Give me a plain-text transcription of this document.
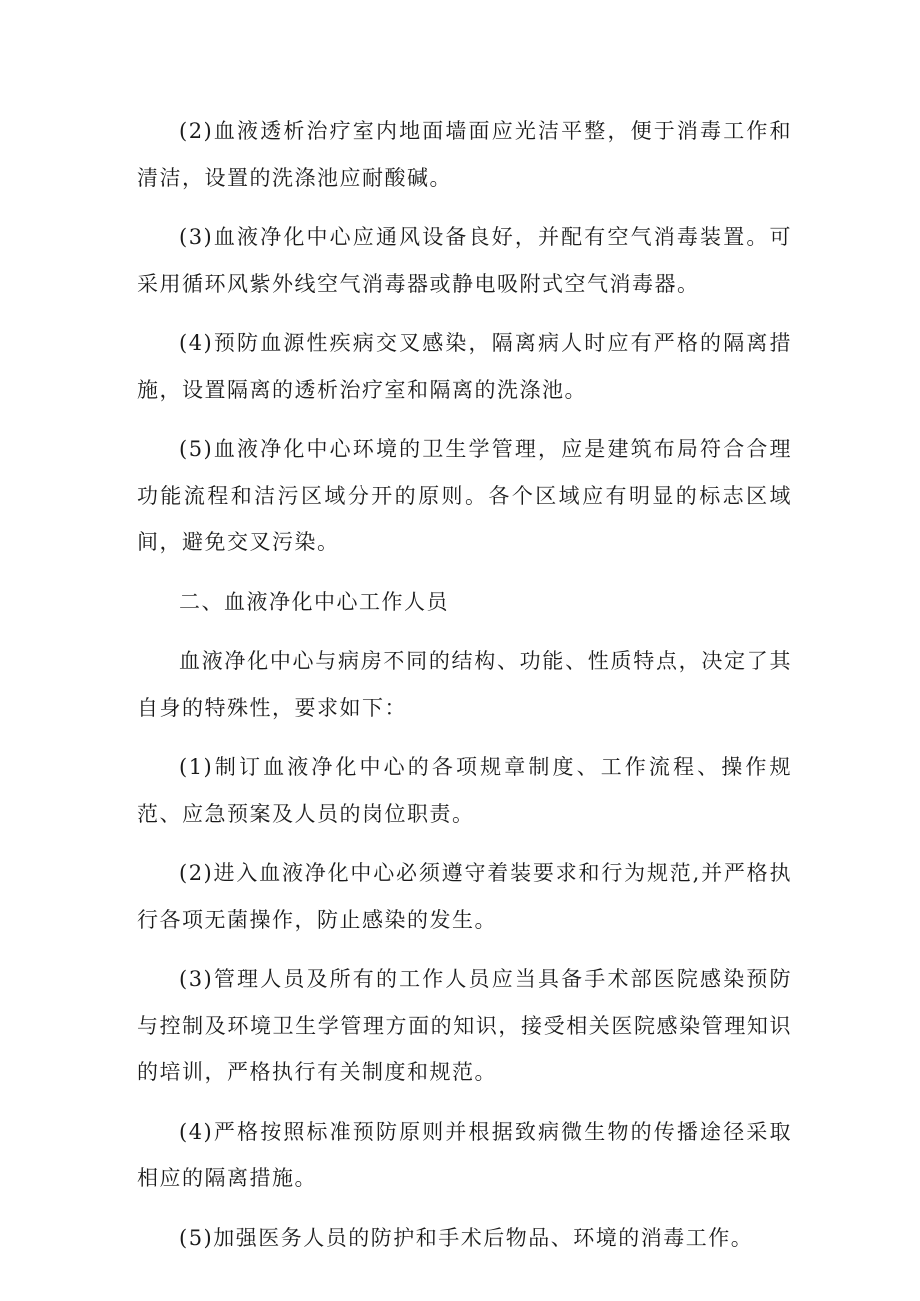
(2)血液透析治疗室内地面墙面应光洁平整，便于消毒工作和清洁，设置的洗涤池应耐酸碱。

(3)血液净化中心应通风设备良好，并配有空气消毒装置。可采用循环风紫外线空气消毒器或静电吸附式空气消毒器。

(4)预防血源性疾病交叉感染，隔离病人时应有严格的隔离措施，设置隔离的透析治疗室和隔离的洗涤池。

(5)血液净化中心环境的卫生学管理，应是建筑布局符合合理功能流程和洁污区域分开的原则。各个区域应有明显的标志区域间，避免交叉污染。

二、血液净化中心工作人员

血液净化中心与病房不同的结构、功能、性质特点，决定了其自身的特殊性，要求如下：

(1)制订血液净化中心的各项规章制度、工作流程、操作规范、应急预案及人员的岗位职责。

(2)进入血液净化中心必须遵守着装要求和行为规范,并严格执行各项无菌操作，防止感染的发生。

(3)管理人员及所有的工作人员应当具备手术部医院感染预防与控制及环境卫生学管理方面的知识，接受相关医院感染管理知识的培训，严格执行有关制度和规范。

(4)严格按照标准预防原则并根据致病微生物的传播途径采取相应的隔离措施。

(5)加强医务人员的防护和手术后物品、环境的消毒工作。
